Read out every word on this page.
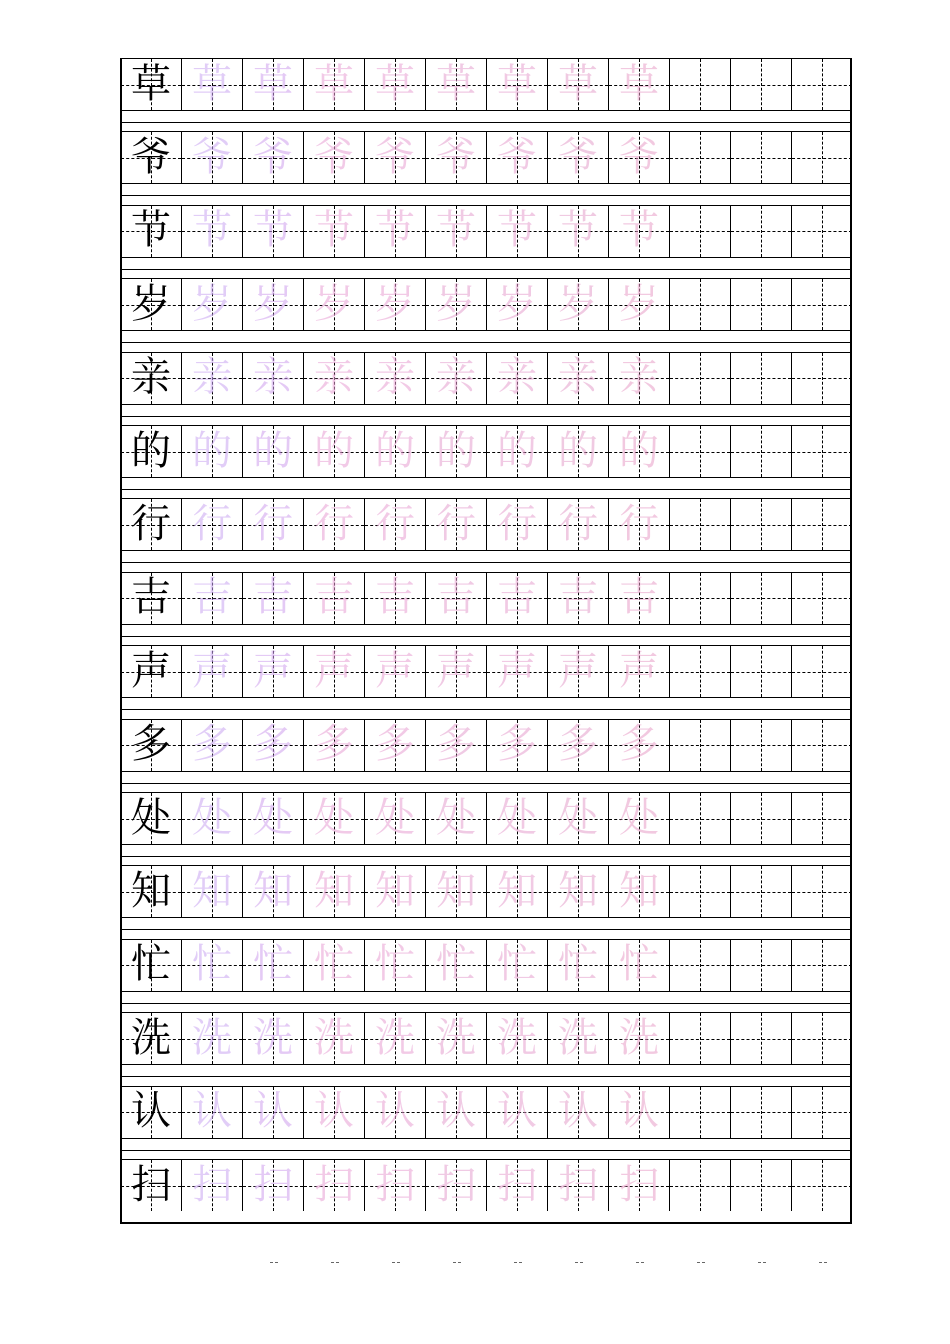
草 草 草 草 草 草 草 草 草
爷 爷 爷 爷 爷 爷 爷 爷 爷
节 节 节 节 节 节 节 节 节
岁 岁 岁 岁 岁 岁 岁 岁 岁
亲 亲 亲 亲 亲 亲 亲 亲 亲
的 的 的 的 的 的 的 的 的
行 行 行 行 行 行 行 行 行
吉 吉 吉 吉 吉 吉 吉 吉 吉
声 声 声 声 声 声 声 声 声
多 多 多 多 多 多 多 多 多
处 处 处 处 处 处 处 处 处
知 知 知 知 知 知 知 知 知
忙 忙 忙 忙 忙 忙 忙 忙 忙
洗 洗 洗 洗 洗 洗 洗 洗 洗
认 认 认 认 认 认 认 认 认
扫 扫 扫 扫 扫 扫 扫 扫 扫
